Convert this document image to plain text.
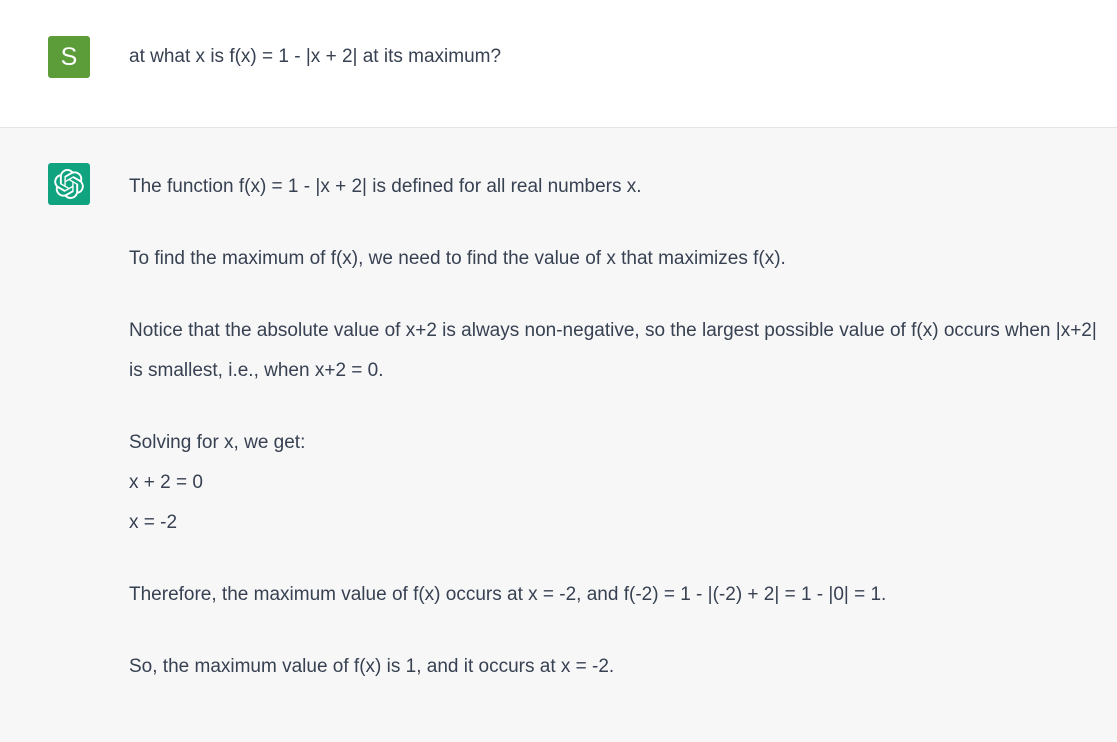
S	at what x is f(x) = 1 - |x + 2| at its maximum?

The function f(x) = 1 - |x + 2| is defined for all real numbers x.

To find the maximum of f(x), we need to find the value of x that maximizes f(x).

Notice that the absolute value of x+2 is always non-negative, so the largest possible value of f(x) occurs when |x+2| is smallest, i.e., when x+2 = 0.

Solving for x, we get:
x + 2 = 0
x = -2

Therefore, the maximum value of f(x) occurs at x = -2, and f(-2) = 1 - |(-2) + 2| = 1 - |0| = 1.

So, the maximum value of f(x) is 1, and it occurs at x = -2.
